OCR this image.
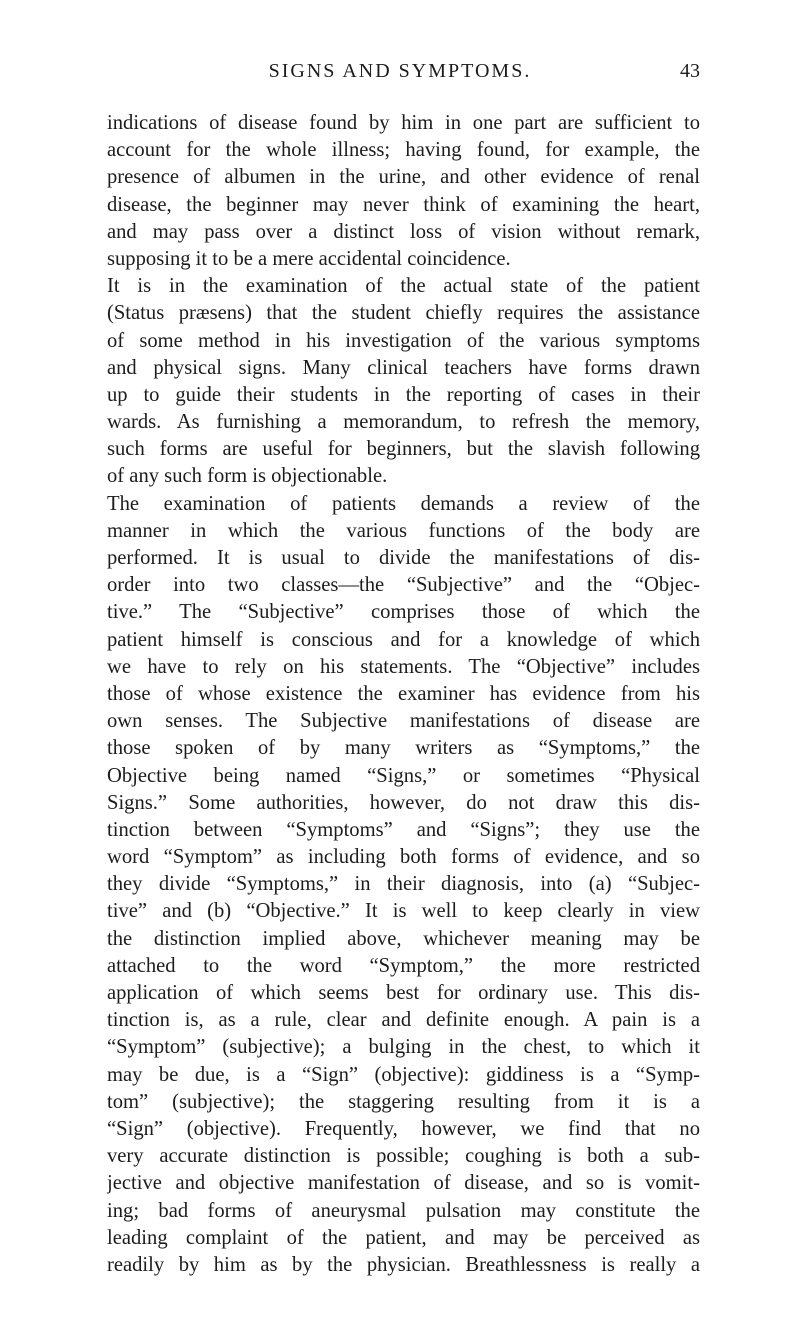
SIGNS AND SYMPTOMS.	43
indications of disease found by him in one part are sufficient to
account for the whole illness; having found, for example, the
presence of albumen in the urine, and other evidence of renal
disease, the beginner may never think of examining the heart,
and may pass over a distinct loss of vision without remark,
supposing it to be a mere accidental coincidence.
It is in the examination of the actual state of the patient
(Status præsens) that the student chiefly requires the assistance
of some method in his investigation of the various symptoms
and physical signs. Many clinical teachers have forms drawn
up to guide their students in the reporting of cases in their
wards. As furnishing a memorandum, to refresh the memory,
such forms are useful for beginners, but the slavish following
of any such form is objectionable.
The examination of patients demands a review of the
manner in which the various functions of the body are
performed. It is usual to divide the manifestations of dis-
order into two classes—the “Subjective” and the “Objec-
tive.” The “Subjective” comprises those of which the
patient himself is conscious and for a knowledge of which
we have to rely on his statements. The “Objective” includes
those of whose existence the examiner has evidence from his
own senses. The Subjective manifestations of disease are
those spoken of by many writers as “Symptoms,” the
Objective being named “Signs,” or sometimes “Physical
Signs.” Some authorities, however, do not draw this dis-
tinction between “Symptoms” and “Signs”; they use the
word “Symptom” as including both forms of evidence, and so
they divide “Symptoms,” in their diagnosis, into (a) “Subjec-
tive” and (b) “Objective.” It is well to keep clearly in view
the distinction implied above, whichever meaning may be
attached to the word “Symptom,” the more restricted
application of which seems best for ordinary use. This dis-
tinction is, as a rule, clear and definite enough. A pain is a
“Symptom” (subjective); a bulging in the chest, to which it
may be due, is a “Sign” (objective): giddiness is a “Symp-
tom” (subjective); the staggering resulting from it is a
“Sign” (objective). Frequently, however, we find that no
very accurate distinction is possible; coughing is both a sub-
jective and objective manifestation of disease, and so is vomit-
ing; bad forms of aneurysmal pulsation may constitute the
leading complaint of the patient, and may be perceived as
readily by him as by the physician. Breathlessness is really a
